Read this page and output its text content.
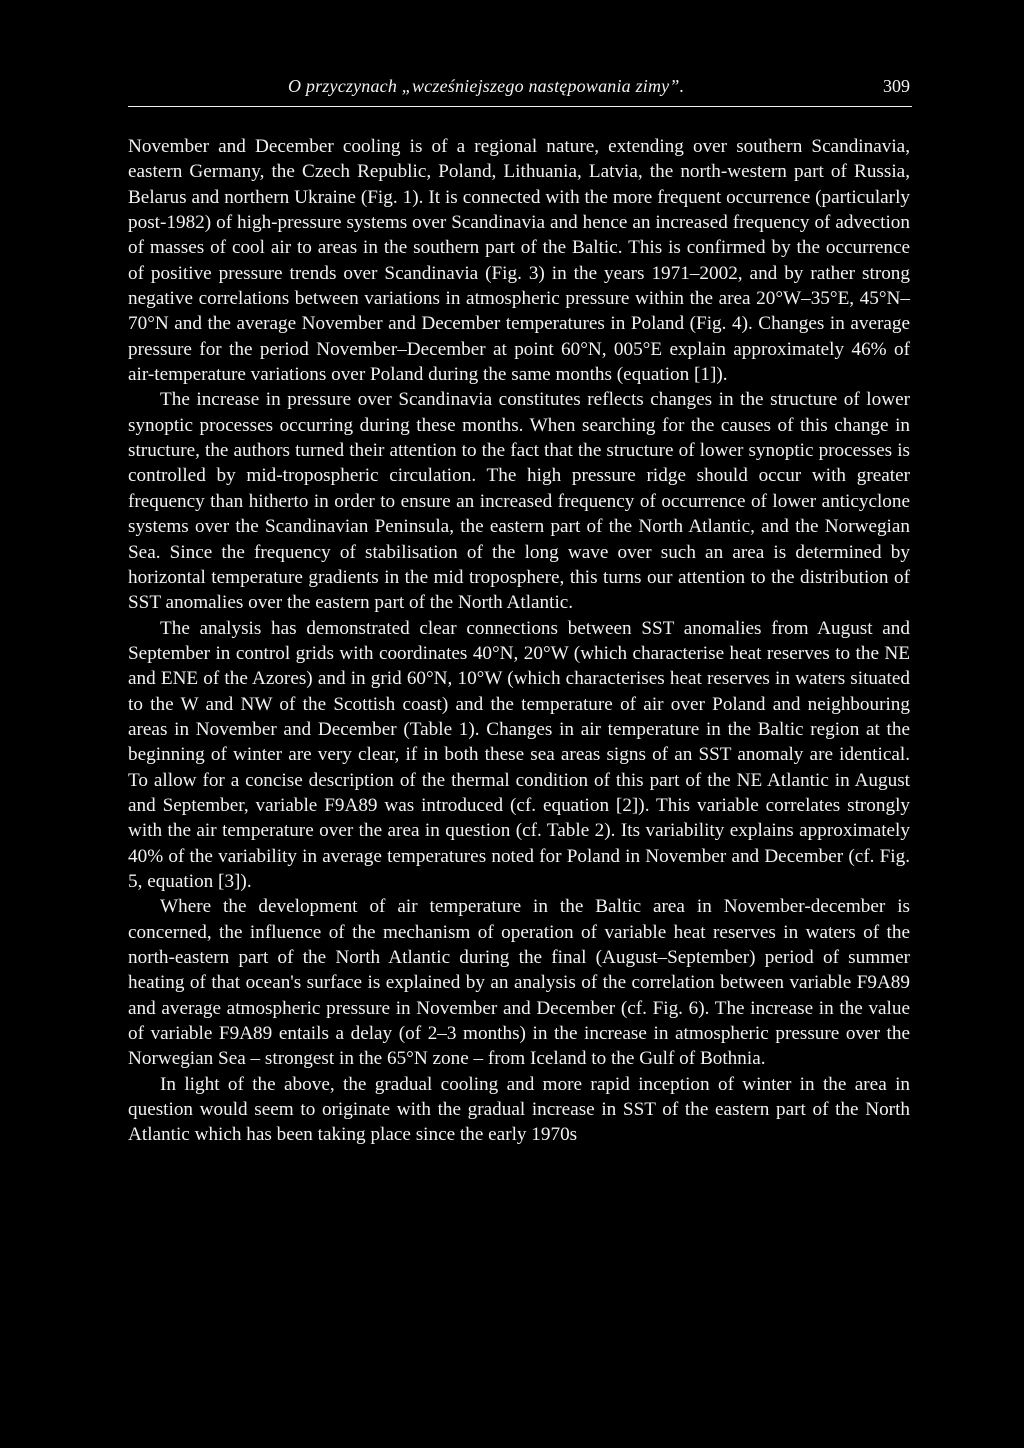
O przyczynach „wcześniejszego następowania zimy”.	309

November and December cooling is of a regional nature, extending over southern Scandinavia, eastern Germany, the Czech Republic, Poland, Lithuania, Latvia, the north-western part of Russia, Belarus and northern Ukraine (Fig. 1). It is connected with the more frequent occurrence (particularly post-1982) of high-pressure systems over Scandinavia and hence an increased frequency of advection of masses of cool air to areas in the southern part of the Baltic. This is confirmed by the occurrence of positive pressure trends over Scandinavia (Fig. 3) in the years 1971–2002, and by rather strong negative correlations between variations in atmospheric pressure within the area 20°W–35°E, 45°N–70°N and the average November and December temperatures in Poland (Fig. 4). Changes in average pressure for the period November–December at point 60°N, 005°E explain approximately 46% of air-temperature variations over Poland during the same months (equation [1]).

The increase in pressure over Scandinavia constitutes reflects changes in the structure of lower synoptic processes occurring during these months. When searching for the causes of this change in structure, the authors turned their attention to the fact that the structure of lower synoptic processes is controlled by mid-tropospheric circulation. The high pressure ridge should occur with greater frequency than hitherto in order to ensure an increased frequency of occurrence of lower anticyclone systems over the Scandinavian Peninsula, the eastern part of the North Atlantic, and the Norwegian Sea. Since the frequency of stabilisation of the long wave over such an area is determined by horizontal temperature gradients in the mid troposphere, this turns our attention to the distribution of SST anomalies over the eastern part of the North Atlantic.

The analysis has demonstrated clear connections between SST anomalies from August and September in control grids with coordinates 40°N, 20°W (which characterise heat reserves to the NE and ENE of the Azores) and in grid 60°N, 10°W (which characterises heat reserves in waters situated to the W and NW of the Scottish coast) and the temperature of air over Poland and neighbouring areas in November and December (Table 1). Changes in air temperature in the Baltic region at the beginning of winter are very clear, if in both these sea areas signs of an SST anomaly are identical. To allow for a concise description of the thermal condition of this part of the NE Atlantic in August and September, variable F9A89 was introduced (cf. equation [2]). This variable correlates strongly with the air temperature over the area in question (cf. Table 2). Its variability explains approximately 40% of the variability in average temperatures noted for Poland in November and December (cf. Fig. 5, equation [3]).

Where the development of air temperature in the Baltic area in November-december is concerned, the influence of the mechanism of operation of variable heat reserves in waters of the north-eastern part of the North Atlantic during the final (August–September) period of summer heating of that ocean's surface is explained by an analysis of the correlation between variable F9A89 and average atmospheric pressure in November and December (cf. Fig. 6). The increase in the value of variable F9A89 entails a delay (of 2–3 months) in the increase in atmospheric pressure over the Norwegian Sea – strongest in the 65°N zone – from Iceland to the Gulf of Bothnia.

In light of the above, the gradual cooling and more rapid inception of winter in the area in question would seem to originate with the gradual increase in SST of the eastern part of the North Atlantic which has been taking place since the early 1970s
